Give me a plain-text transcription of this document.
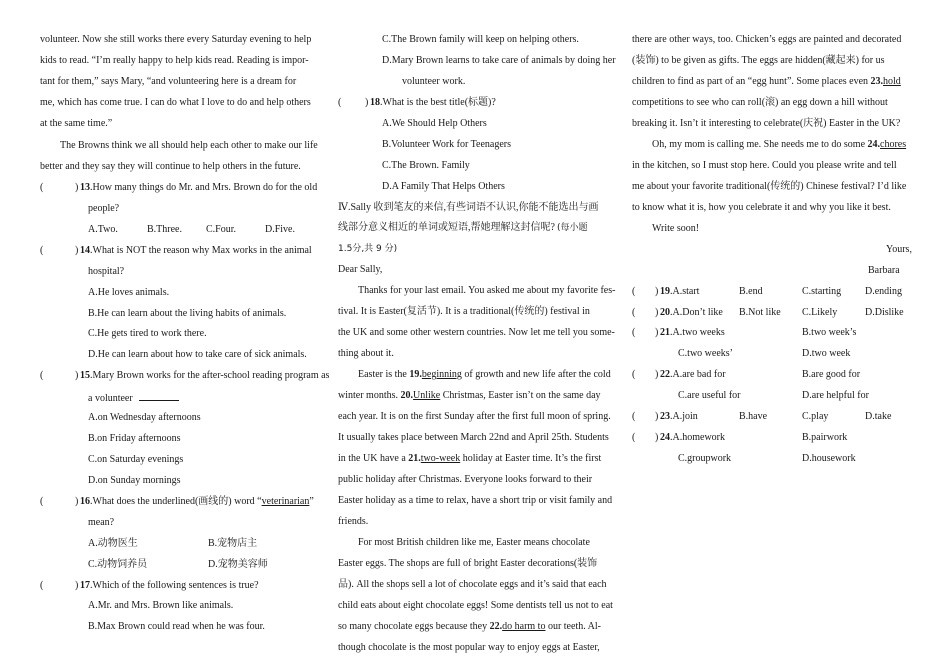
volunteer. Now she still works there every Saturday evening to help
kids to read. “I’m really happy to help kids read. Reading is impor-
tant for them,” says Mary, “and volunteering here is a dream for
me, which has come true. I can do what I love to do and help others
at the same time.”
The Browns think we all should help each other to make our life
better and they say they will continue to help others in the future.
(	) 13.How many things do Mr. and Mrs. Brown do for the old
people?
A.Two.	B.Three. C.Four.	D.Five.
(	) 14.What is NOT the reason why Max works in the animal
hospital?
A.He loves animals.
B.He can learn about the living habits of animals.
C.He gets tired to work there.
D.He can learn about how to take care of sick animals.
(	) 15.Mary Brown works for the after-school reading program as
a volunteer
A.on Wednesday afternoons
B.on Friday afternoons
C.on Saturday evenings
D.on Sunday mornings
(	) 16.What does the underlined(画线的) word “veterinarian”
mean?
A.动物医生	B.宠物店主
C.动物饲养员	D.宠物美容师
(	) 17.Which of the following sentences is true?
A.Mr. and Mrs. Brown like animals.
B.Max Brown could read when he was four.
C.The Brown family will keep on helping others.
D.Mary Brown learns to take care of animals by doing her
volunteer work.
( ) 18.What is the best title(标题)?
A.We Should Help Others
B.Volunteer Work for Teenagers
C.The Brown. Family
D.A Family That Helps Others
Ⅳ.Sally 收到笔友的来信,有些词语不认识,你能不能选出与画
线部分意义相近的单词或短语,帮她理解这封信呢? (每小题
1.5分,共 9 分)
Dear Sally,
Thanks for your last email. You asked me about my favorite fes-
tival. It is Easter(复活节). It is a traditional(传统的) festival in
the UK and some other western countries. Now let me tell you some-
thing about it.
Easter is the 19.beginning of growth and new life after the cold
winter months. 20.Unlike Christmas, Easter isn’t on the same day
each year. It is on the first Sunday after the first full moon of spring.
It usually takes place between March 22nd and April 25th. Students
in the UK have a 21.two-week holiday at Easter time. It’s the first
public holiday after Christmas. Everyone looks forward to their
Easter holiday as a time to relax, have a short trip or visit family and
friends.
For most British children like me, Easter means chocolate
Easter eggs. The shops are full of bright Easter decorations(装饰
品). All the shops sell a lot of chocolate eggs and it’s said that each
child eats about eight chocolate eggs! Some dentists tell us not to eat
so many chocolate eggs because they 22.do harm to our teeth. Al-
though chocolate is the most popular way to enjoy eggs at Easter,
there are other ways, too. Chicken’s eggs are painted and decorated
(装饰) to be given as gifts. The eggs are hidden(藏起来) for us
children to find as part of an “egg hunt”. Some places even 23.hold
competitions to see who can roll(滚) an egg down a hill without
breaking it. Isn’t it interesting to celebrate(庆祝) Easter in the UK?
Oh, my mom is calling me. She needs me to do some 24.chores
in the kitchen, so I must stop here. Could you please write and tell
me about your favorite traditional(传统的) Chinese festival? I’d like
to know what it is, how you celebrate it and why you like it best.
Write soon!
Yours,
Barbara
( ) 19.A.start	B.end	C.starting D.ending
( ) 20.A.Don’t like B.Not like C.Likely	D.Dislike
( ) 21.A.two weeks	B.two week’s
C.two weeks’	D.two week
( ) 22.A.are bad for	B.are good for
C.are useful for	D.are helpful for
( ) 23.A.join	B.have	C.play	D.take
( ) 24.A.homework	B.pairwork
C.groupwork	D.housework
